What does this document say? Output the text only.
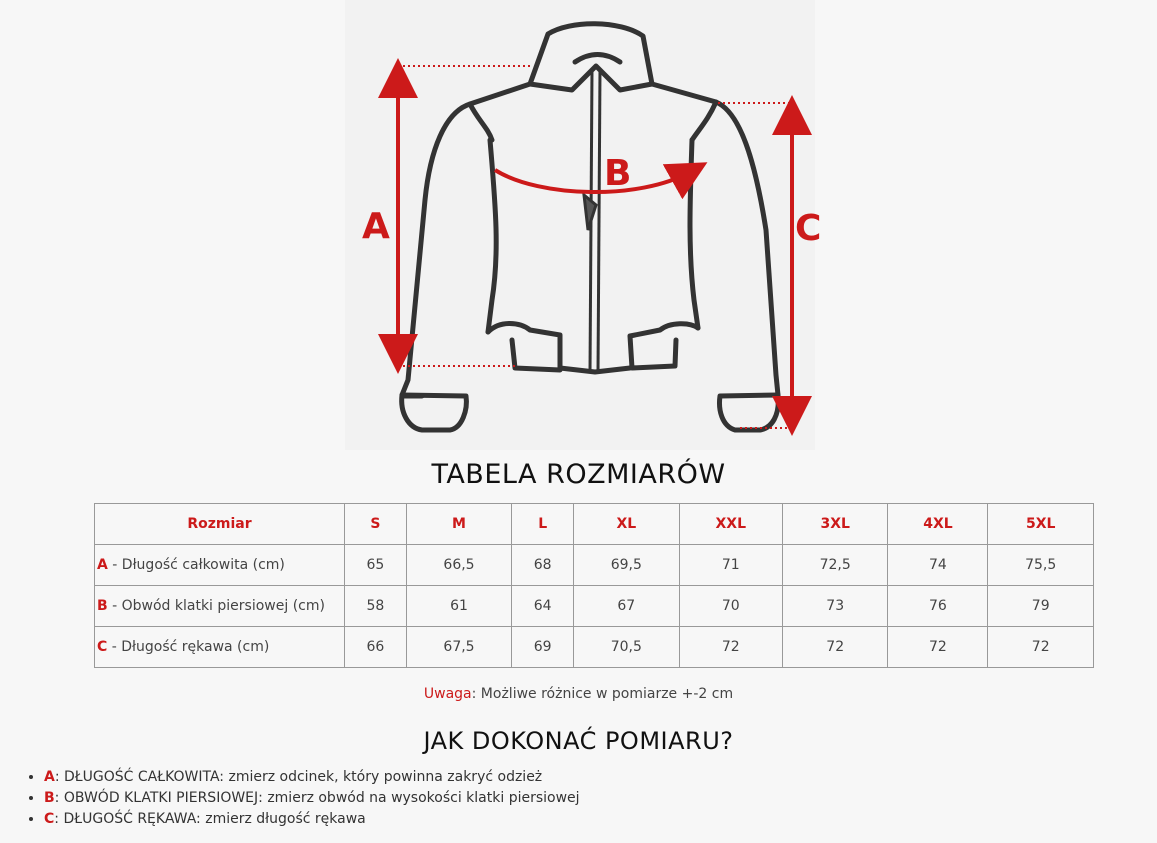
A
B
C
TABELA ROZMIARÓW
Rozmiar	S	M	L	XL	XXL	3XL	4XL	5XL
A - Długość całkowita (cm)	65	66,5	68	69,5	71	72,5	74	75,5
B - Obwód klatki piersiowej (cm)	58	61	64	67	70	73	76	79
C - Długość rękawa (cm)	66	67,5	69	70,5	72	72	72	72
Uwaga: Możliwe różnice w pomiarze +-2 cm
JAK DOKONAĆ POMIARU?
• A: DŁUGOŚĆ CAŁKOWITA: zmierz odcinek, który powinna zakryć odzież
• B: OBWÓD KLATKI PIERSIOWEJ: zmierz obwód na wysokości klatki piersiowej
• C: DŁUGOŚĆ RĘKAWA: zmierz długość rękawa
